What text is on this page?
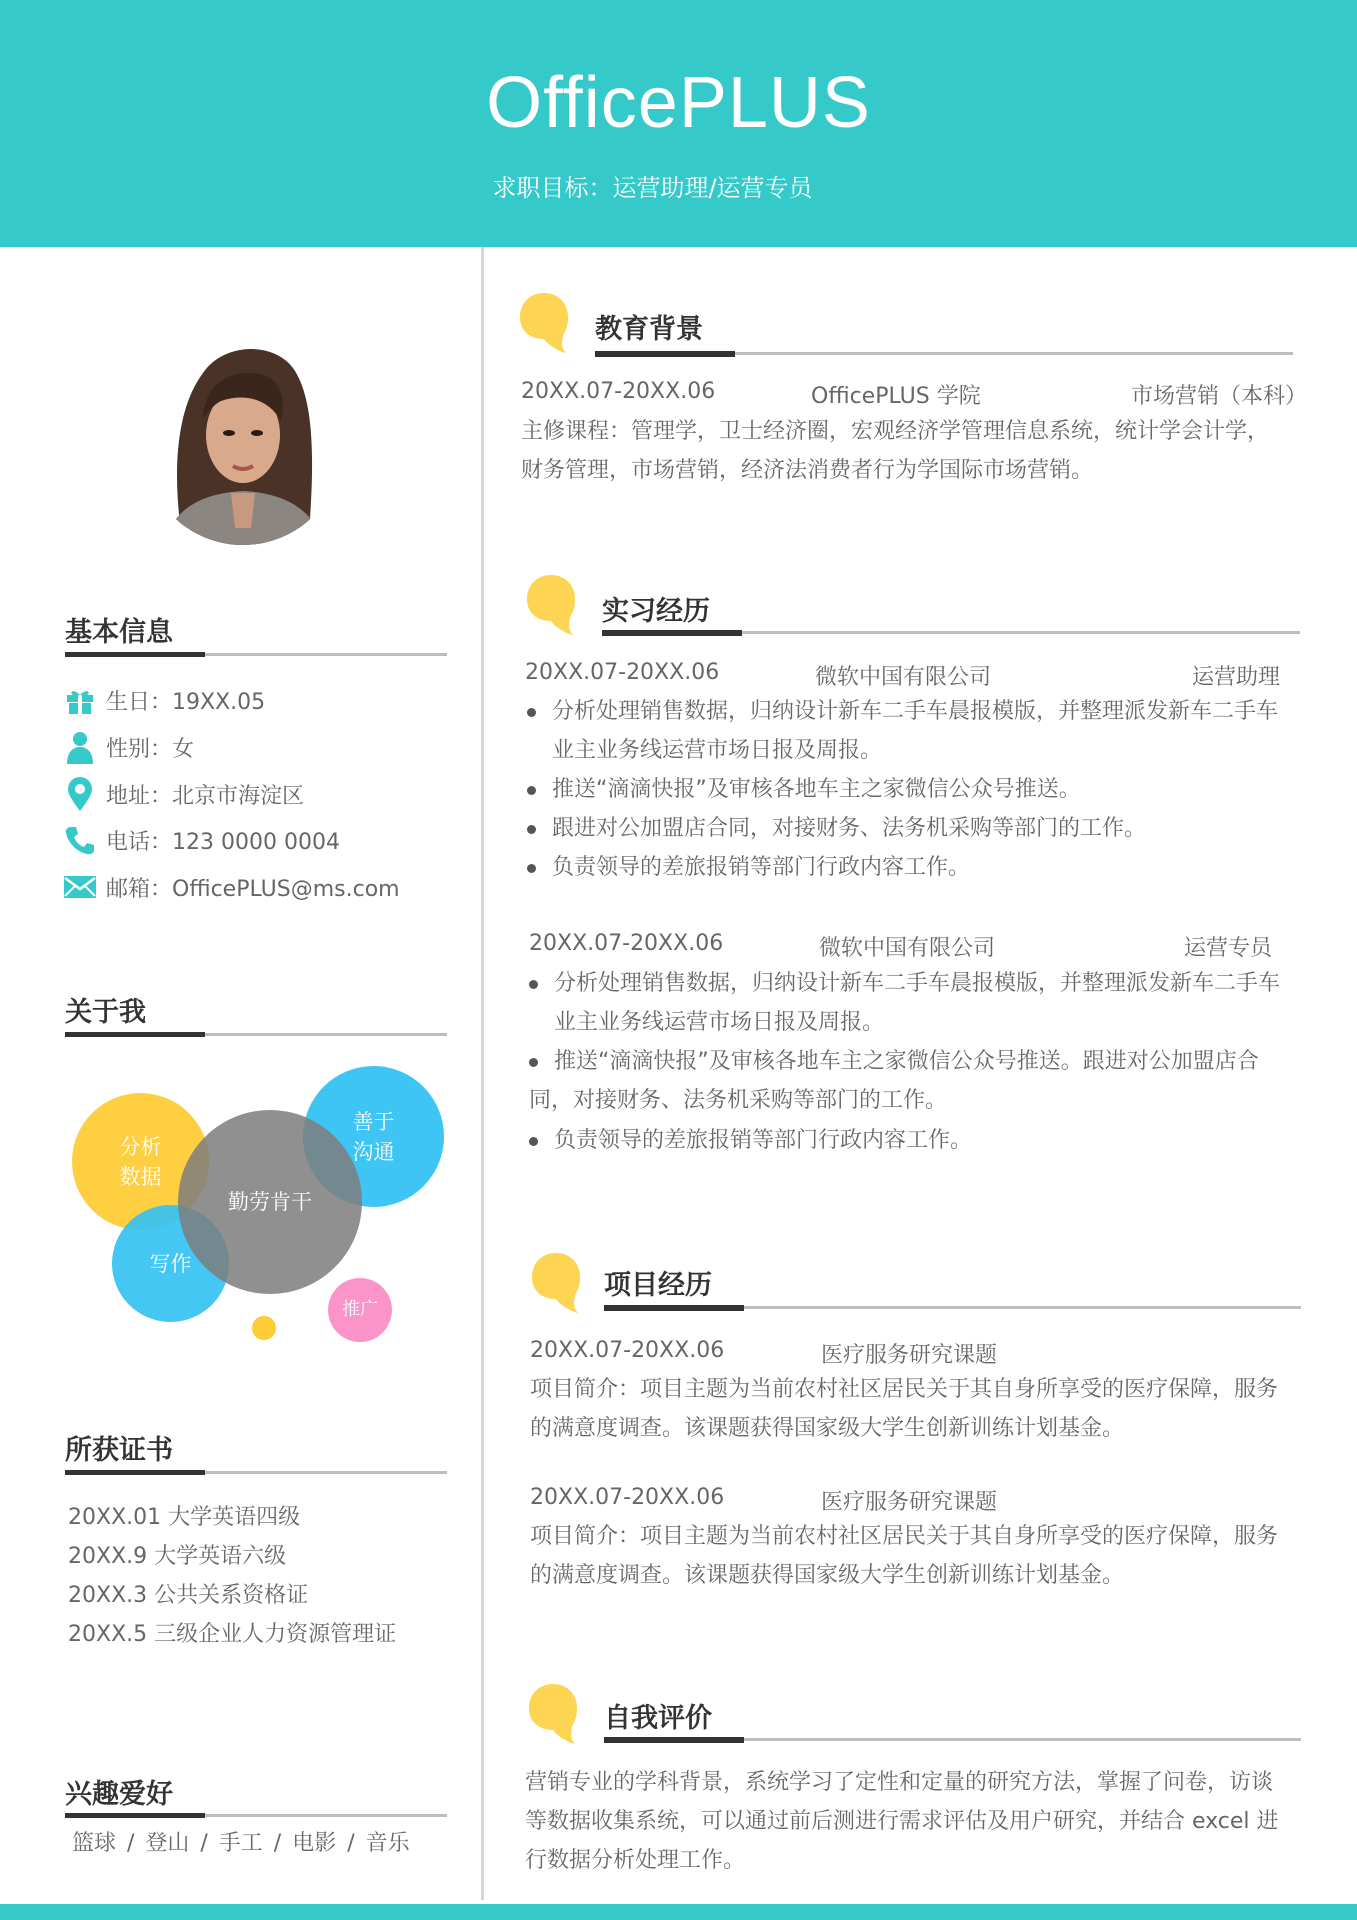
OfficePLUS
求职目标：运营助理/运营专员
基本信息
生日：19XX.05
性别：女
地址：北京市海淀区
电话：123 0000 0004
邮箱：OfficePLUS@ms.com
关于我
分析
数据
善于
沟通
写作
勤劳肯干
推广
所获证书
20XX.01 大学英语四级
20XX.9 大学英语六级
20XX.3 公共关系资格证
20XX.5 三级企业人力资源管理证
兴趣爱好
篮球 / 登山 / 手工 / 电影 / 音乐
教育背景
20XX.07-20XX.06	OfficePLUS 学院	市场营销（本科）
主修课程：管理学，卫士经济圈，宏观经济学管理信息系统，统计学会计学，
财务管理，市场营销，经济法消费者行为学国际市场营销。
实习经历
20XX.07-20XX.06	微软中国有限公司	运营助理
分析处理销售数据，归纳设计新车二手车晨报模版，并整理派发新车二手车
业主业务线运营市场日报及周报。
推送“滴滴快报”及审核各地车主之家微信公众号推送。
跟进对公加盟店合同，对接财务、法务机采购等部门的工作。
负责领导的差旅报销等部门行政内容工作。
20XX.07-20XX.06	微软中国有限公司	运营专员
分析处理销售数据，归纳设计新车二手车晨报模版，并整理派发新车二手车
业主业务线运营市场日报及周报。
推送“滴滴快报”及审核各地车主之家微信公众号推送。跟进对公加盟店合
同，对接财务、法务机采购等部门的工作。
负责领导的差旅报销等部门行政内容工作。
项目经历
20XX.07-20XX.06	医疗服务研究课题
项目简介：项目主题为当前农村社区居民关于其自身所享受的医疗保障，服务
的满意度调查。该课题获得国家级大学生创新训练计划基金。
20XX.07-20XX.06	医疗服务研究课题
项目简介：项目主题为当前农村社区居民关于其自身所享受的医疗保障，服务
的满意度调查。该课题获得国家级大学生创新训练计划基金。
自我评价
营销专业的学科背景，系统学习了定性和定量的研究方法，掌握了问卷，访谈
等数据收集系统，可以通过前后测进行需求评估及用户研究，并结合 excel 进
行数据分析处理工作。
